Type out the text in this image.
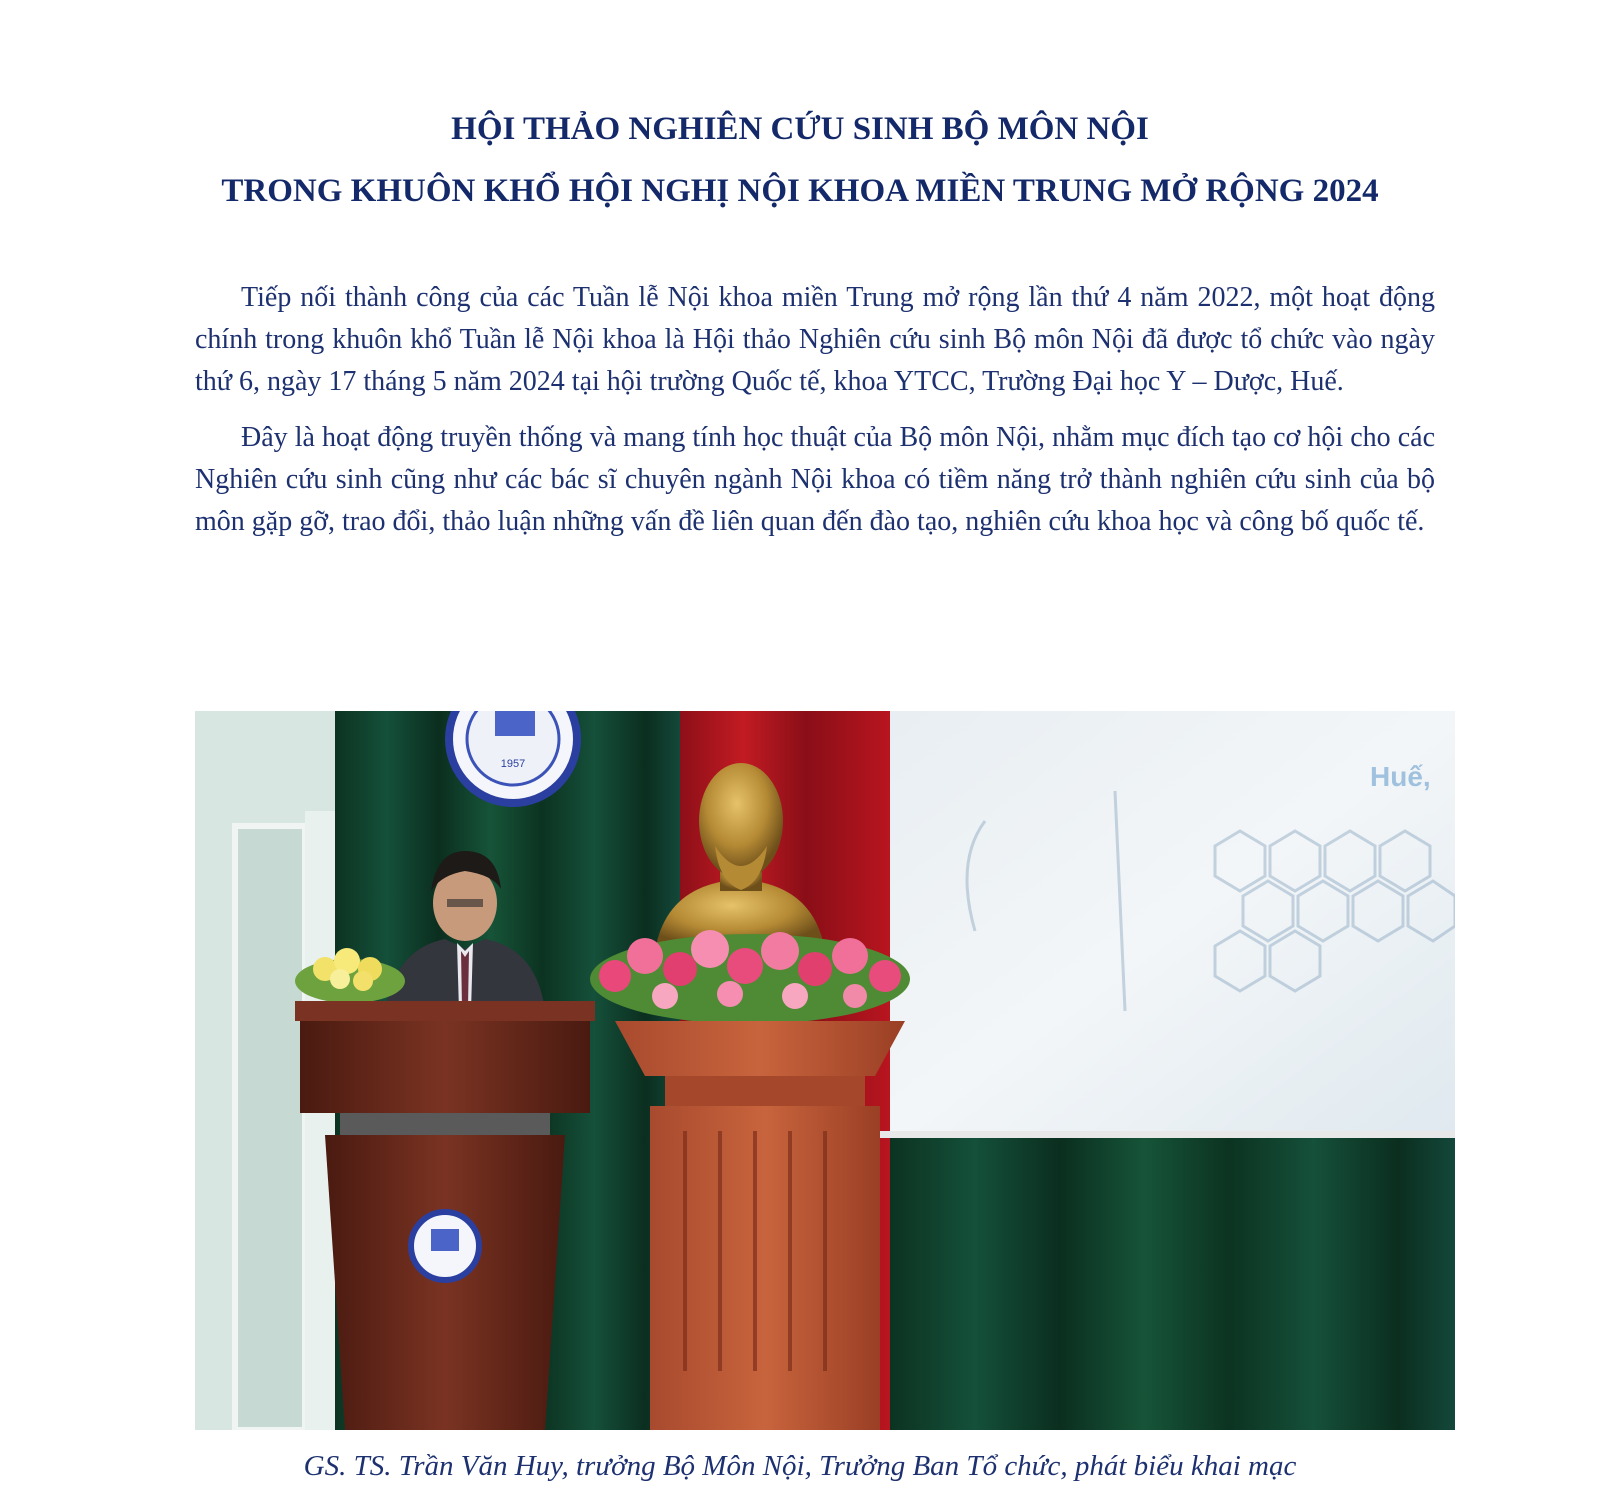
HỘI THẢO NGHIÊN CỨU SINH BỘ MÔN NỘI
TRONG KHUÔN KHỔ HỘI NGHỊ NỘI KHOA MIỀN TRUNG MỞ RỘNG 2024

Tiếp nối thành công của các Tuần lễ Nội khoa miền Trung mở rộng lần thứ 4 năm 2022, một hoạt động chính trong khuôn khổ Tuần lễ Nội khoa là Hội thảo Nghiên cứu sinh Bộ môn Nội đã được tổ chức vào ngày thứ 6, ngày 17 tháng 5 năm 2024 tại hội trường Quốc tế, khoa YTCC, Trường Đại học Y – Dược, Huế.

Đây là hoạt động truyền thống và mang tính học thuật của Bộ môn Nội, nhằm mục đích tạo cơ hội cho các Nghiên cứu sinh cũng như các bác sĩ chuyên ngành Nội khoa có tiềm năng trở thành nghiên cứu sinh của bộ môn gặp gỡ, trao đổi, thảo luận những vấn đề liên quan đến đào tạo, nghiên cứu khoa học và công bố quốc tế.

Huế,
1957
GS. TS. Trần Văn Huy, trưởng Bộ Môn Nội, Trưởng Ban Tổ chức, phát biểu khai mạc
